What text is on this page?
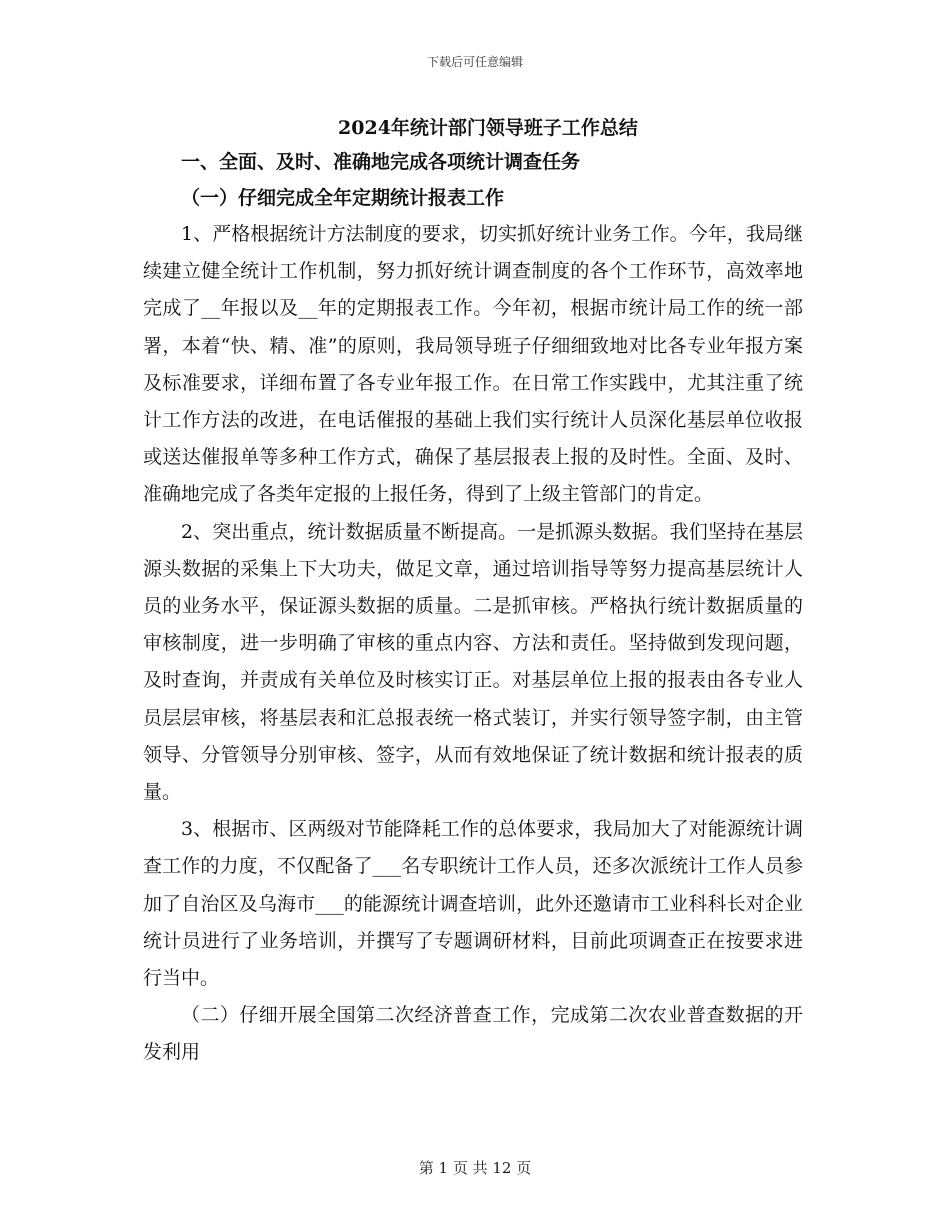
下载后可任意编辑
2024年统计部门领导班子工作总结
一、全面、及时、准确地完成各项统计调查任务
（一）仔细完成全年定期统计报表工作

1、严格根据统计方法制度的要求，切实抓好统计业务工作。今年，我局继续建立健全统计工作机制，努力抓好统计调查制度的各个工作环节，高效率地完成了__年报以及__年的定期报表工作。今年初，根据市统计局工作的统一部署，本着“快、精、准”的原则，我局领导班子仔细细致地对比各专业年报方案及标准要求，详细布置了各专业年报工作。在日常工作实践中，尤其注重了统计工作方法的改进，在电话催报的基础上我们实行统计人员深化基层单位收报或送达催报单等多种工作方式，确保了基层报表上报的及时性。全面、及时、准确地完成了各类年定报的上报任务，得到了上级主管部门的肯定。

2、突出重点，统计数据质量不断提高。一是抓源头数据。我们坚持在基层源头数据的采集上下大功夫，做足文章，通过培训指导等努力提高基层统计人员的业务水平，保证源头数据的质量。二是抓审核。严格执行统计数据质量的审核制度，进一步明确了审核的重点内容、方法和责任。坚持做到发现问题，及时查询，并责成有关单位及时核实订正。对基层单位上报的报表由各专业人员层层审核，将基层表和汇总报表统一格式装订，并实行领导签字制，由主管领导、分管领导分别审核、签字，从而有效地保证了统计数据和统计报表的质量。

3、根据市、区两级对节能降耗工作的总体要求，我局加大了对能源统计调查工作的力度，不仅配备了___名专职统计工作人员，还多次派统计工作人员参加了自治区及乌海市___的能源统计调查培训，此外还邀请市工业科科长对企业统计员进行了业务培训，并撰写了专题调研材料，目前此项调查正在按要求进行当中。

（二）仔细开展全国第二次经济普查工作，完成第二次农业普查数据的开发利用

第 1 页 共 12 页
